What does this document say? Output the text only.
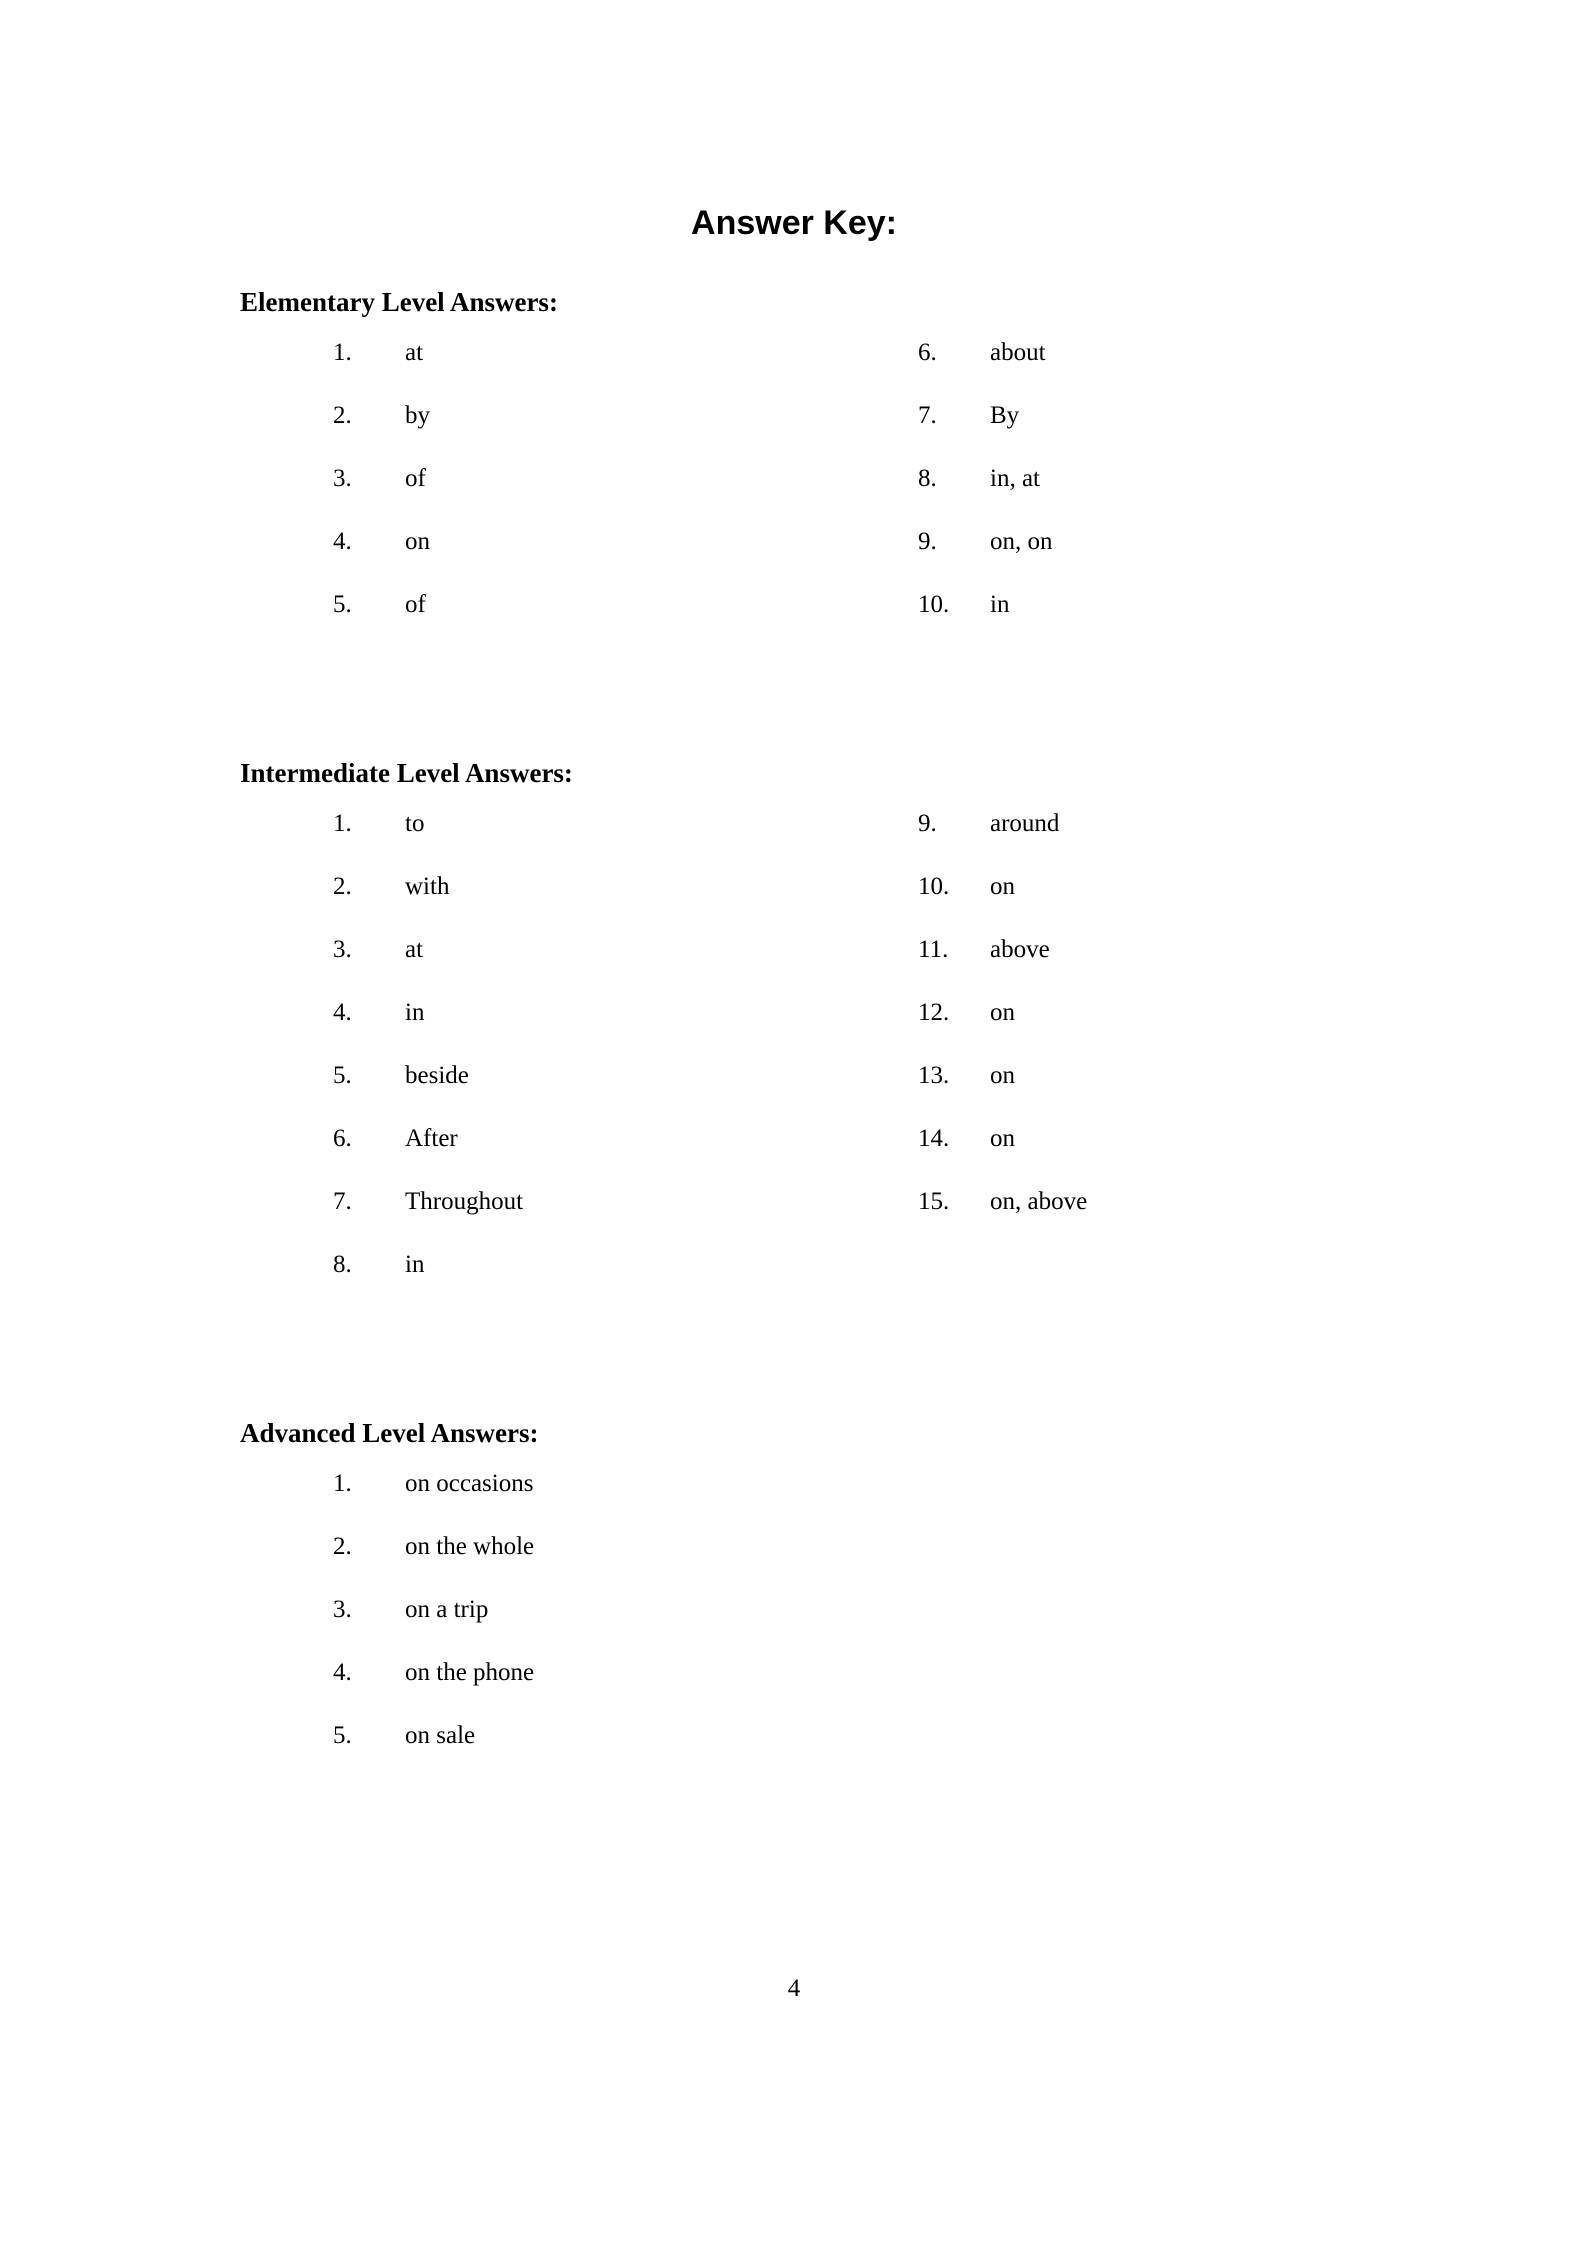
Answer Key:
Elementary Level Answers:
1.	at
2.	by
3.	of
4.	on
5.	of
6.	about
7.	By
8.	in, at
9.	on, on
10.	in
Intermediate Level Answers:
1.	to
2.	with
3.	at
4.	in
5.	beside
6.	After
7.	Throughout
8.	in
9.	around
10.	on
11.	above
12.	on
13.	on
14.	on
15.	on, above
Advanced Level Answers:
1.	on occasions
2.	on the whole
3.	on a trip
4.	on the phone
5.	on sale
4
